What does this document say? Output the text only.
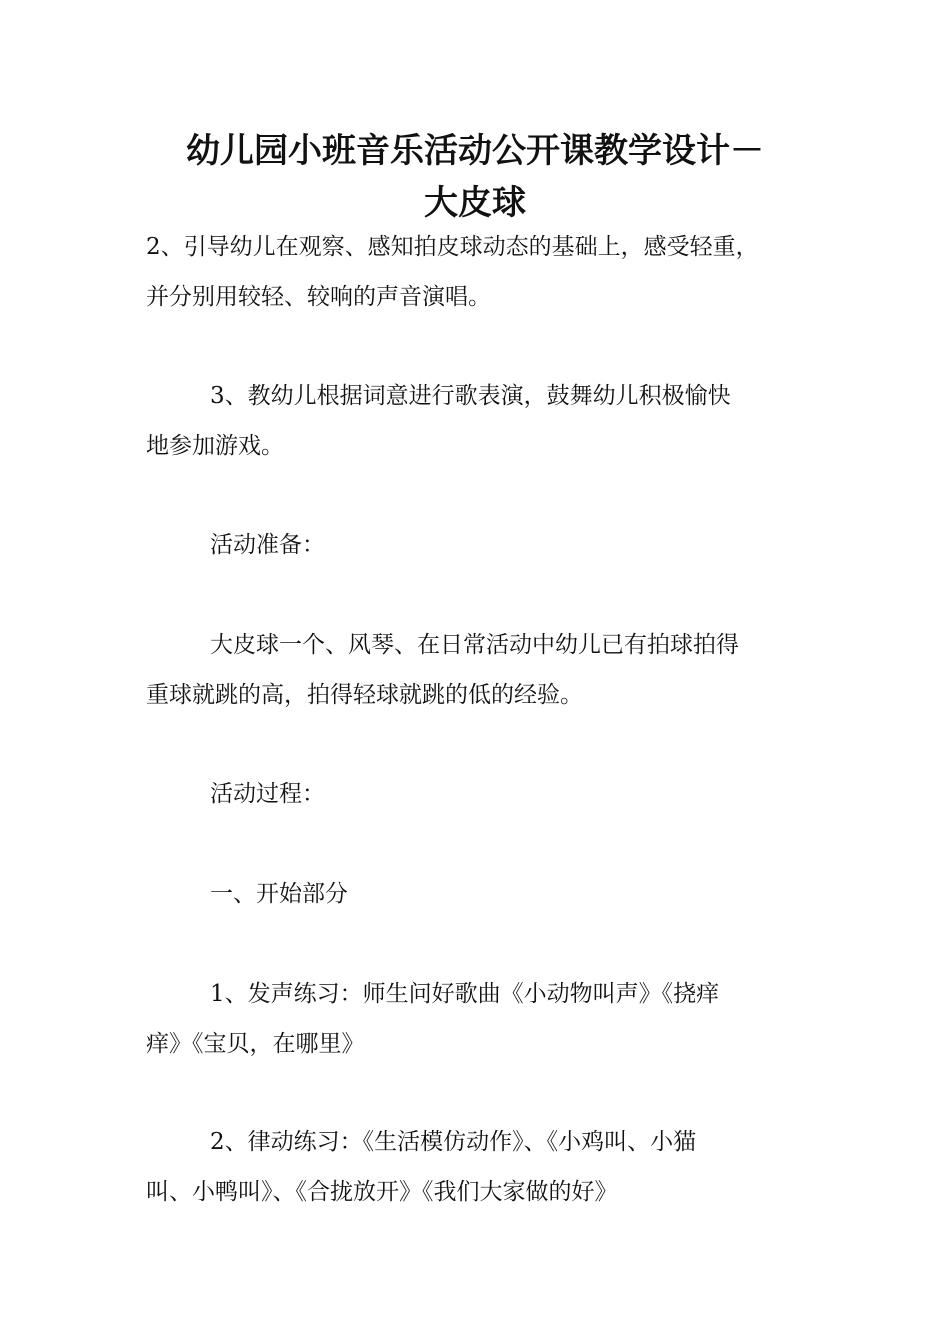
幼儿园小班音乐活动公开课教学设计－
大皮球
2、引导幼儿在观察、感知拍皮球动态的基础上，感受轻重，
并分别用较轻、较响的声音演唱。
3、教幼儿根据词意进行歌表演，鼓舞幼儿积极愉快
地参加游戏。
活动准备：
大皮球一个、风琴、在日常活动中幼儿已有拍球拍得
重球就跳的高，拍得轻球就跳的低的经验。
活动过程：
一、开始部分
1、发声练习：师生问好歌曲《小动物叫声》《挠痒
痒》《宝贝，在哪里》
2、律动练习：《生活模仿动作》、《小鸡叫、小猫
叫、小鸭叫》、《合拢放开》《我们大家做的好》
